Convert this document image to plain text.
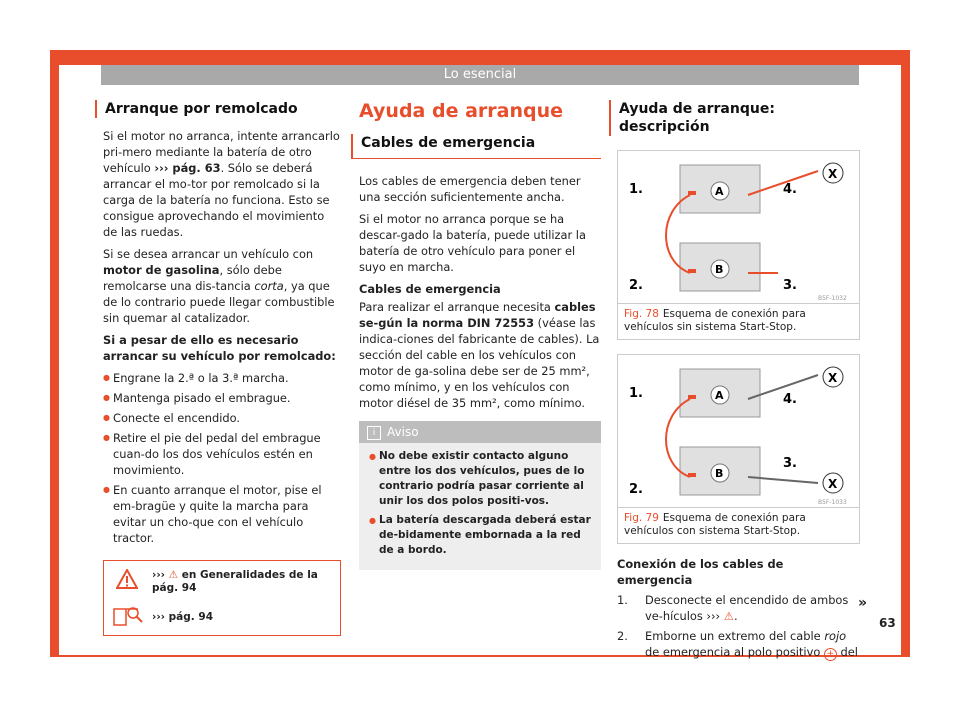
Lo esencial
Arranque por remolcado

Si el motor no arranca, intente arrancarlo pri-mero mediante la batería de otro vehículo ››› pág. 63. Sólo se deberá arrancar el mo-tor por remolcado si la carga de la batería no funciona. Esto se consigue aprovechando el movimiento de las ruedas.

Si se desea arrancar un vehículo con motor de gasolina, sólo debe remolcarse una dis-tancia corta, ya que de lo contrario puede llegar combustible sin quemar al catalizador.

Si a pesar de ello es necesario arrancar su vehículo por remolcado:

● Engrane la 2.ª o la 3.ª marcha.
● Mantenga pisado el embrague.
● Conecte el encendido.
● Retire el pie del pedal del embrague cuan-do los dos vehículos estén en movimiento.
● En cuanto arranque el motor, pise el em-bragüe y quite la marcha para evitar un cho-que con el vehículo tractor.
››› ⚠ en Generalidades de la
pág. 94
››› pág. 94
Ayuda de arranque
Cables de emergencia

Los cables de emergencia deben tener una sección suficientemente ancha.

Si el motor no arranca porque se ha descar-gado la batería, puede utilizar la batería de otro vehículo para poner el suyo en marcha.

Cables de emergencia

Para realizar el arranque necesita cables se-gún la norma DIN 72553 (véase las indica-ciones del fabricante de cables). La sección del cable en los vehículos con motor de ga-solina debe ser de 25 mm², como mínimo, y en los vehículos con motor diésel de 35 mm², como mínimo.

i Aviso
● No debe existir contacto alguno entre los dos vehículos, pues de lo contrario podría pasar corriente al unir los dos polos positi-vos.
● La batería descargada deberá estar de-bidamente embornada a la red de a bordo.
Ayuda de arranque: descripción
1.
2.	3.
4.
A
B
X
B5F-1032
Fig. 78 Esquema de conexión para vehículos sin sistema Start-Stop.
1.
2.
3.
4.
A
B
X
X
B5F-1033
Fig. 79 Esquema de conexión para vehículos con sistema Start-Stop.

Conexión de los cables de emergencia

1. Desconecte el encendido de ambos ve-hículos ››› ⚠.
2. Emborne un extremo del cable rojo de emergencia al polo positivo + del
»
63
